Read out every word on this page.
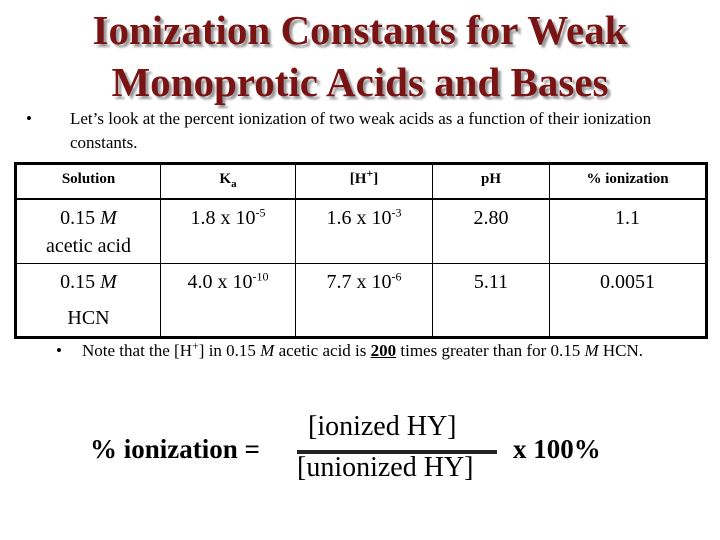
Ionization Constants for Weak
Monoprotic Acids and Bases
• Let’s look at the percent ionization of two weak acids as a function of their ionization constants.
Solution	$K_a$	[H+]	pH	% ionization
0.15 M
acetic acid	1.8 x $10^{-5}$	1.6 x $10^{-3}$	2.80	1.1
0.15 M
HCN	4.0 x $10^{-10}$	7.7 x $10^{-6}$	5.11	0.0051
• Note that the [H+] in 0.15 M acetic acid is 200 times greater than for 0.15 M HCN.
% ionization =
[ionized HY]
[unionized HY]
x 100%
